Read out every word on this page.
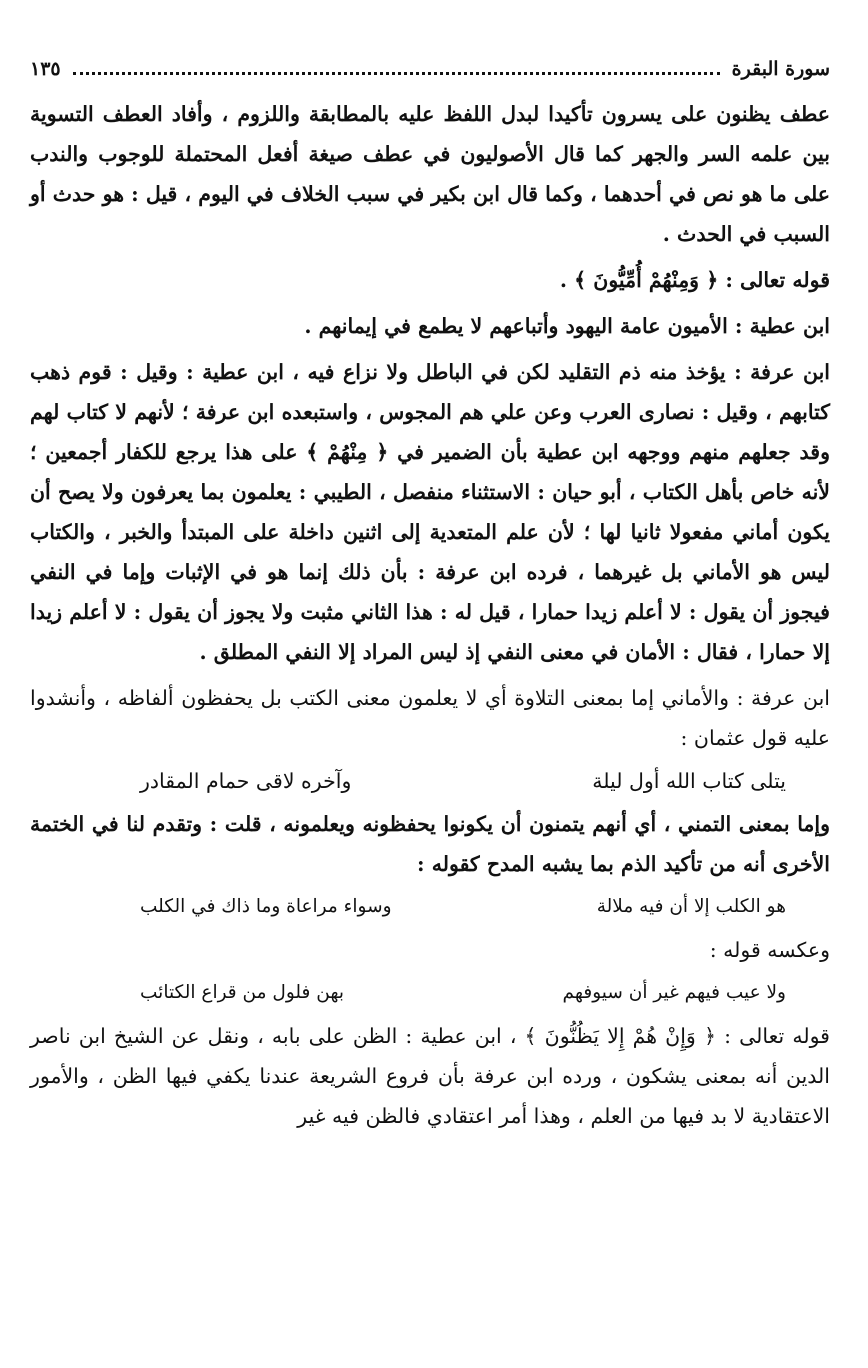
سورة البقرة
١٣٥

عطف يظنون على يسرون تأكيدا لبدل اللفظ عليه بالمطابقة واللزوم ، وأفاد العطف التسوية بين علمه السر والجهر كما قال الأصوليون في عطف صيغة أفعل المحتملة للوجوب والندب على ما هو نص في أحدهما ، وكما قال ابن بكير في سبب الخلاف في اليوم ، قيل : هو حدث أو السبب في الحدث .

قوله تعالى : ﴿ وَمِنْهُمْ أُمِّيُّونَ ﴾ .

ابن عطية : الأميون عامة اليهود وأتباعهم لا يطمع في إيمانهم .

ابن عرفة : يؤخذ منه ذم التقليد لكن في الباطل ولا نزاع فيه ، ابن عطية : وقيل : قوم ذهب كتابهم ، وقيل : نصارى العرب وعن علي هم المجوس ، واستبعده ابن عرفة ؛ لأنهم لا كتاب لهم وقد جعلهم منهم ووجهه ابن عطية بأن الضمير في ﴿ مِنْهُمْ ﴾ على هذا يرجع للكفار أجمعين ؛ لأنه خاص بأهل الكتاب ، أبو حيان : الاستثناء منفصل ، الطيبي : يعلمون بما يعرفون ولا يصح أن يكون أماني مفعولا ثانيا لها ؛ لأن علم المتعدية إلى اثنين داخلة على المبتدأ والخبر ، والكتاب ليس هو الأماني بل غيرهما ، فرده ابن عرفة : بأن ذلك إنما هو في الإثبات وإما في النفي فيجوز أن يقول : لا أعلم زيدا حمارا ، قيل له : هذا الثاني مثبت ولا يجوز أن يقول : لا أعلم زيدا إلا حمارا ، فقال : الأمان في معنى النفي إذ ليس المراد إلا النفي المطلق .

ابن عرفة : والأماني إما بمعنى التلاوة أي لا يعلمون معنى الكتب بل يحفظون ألفاظه ، وأنشدوا عليه قول عثمان :

يتلى كتاب الله أول ليلة
وآخره لاقى حمام المقادر

وإما بمعنى التمني ، أي أنهم يتمنون أن يكونوا يحفظونه ويعلمونه ، قلت : وتقدم لنا في الختمة الأخرى أنه من تأكيد الذم بما يشبه المدح كقوله :

هو الكلب إلا أن فيه ملالة
وسواء مراعاة وما ذاك في الكلب

وعكسه قوله :

ولا عيب فيهم غير أن سيوفهم
بهن فلول من قراع الكتائب

قوله تعالى : ﴿ وَإِنْ هُمْ إِلا يَظُنُّونَ ﴾ ، ابن عطية : الظن على بابه ، ونقل عن الشيخ ابن ناصر الدين أنه بمعنى يشكون ، ورده ابن عرفة بأن فروع الشريعة عندنا يكفي فيها الظن ، والأمور الاعتقادية لا بد فيها من العلم ، وهذا أمر اعتقادي فالظن فيه غير
